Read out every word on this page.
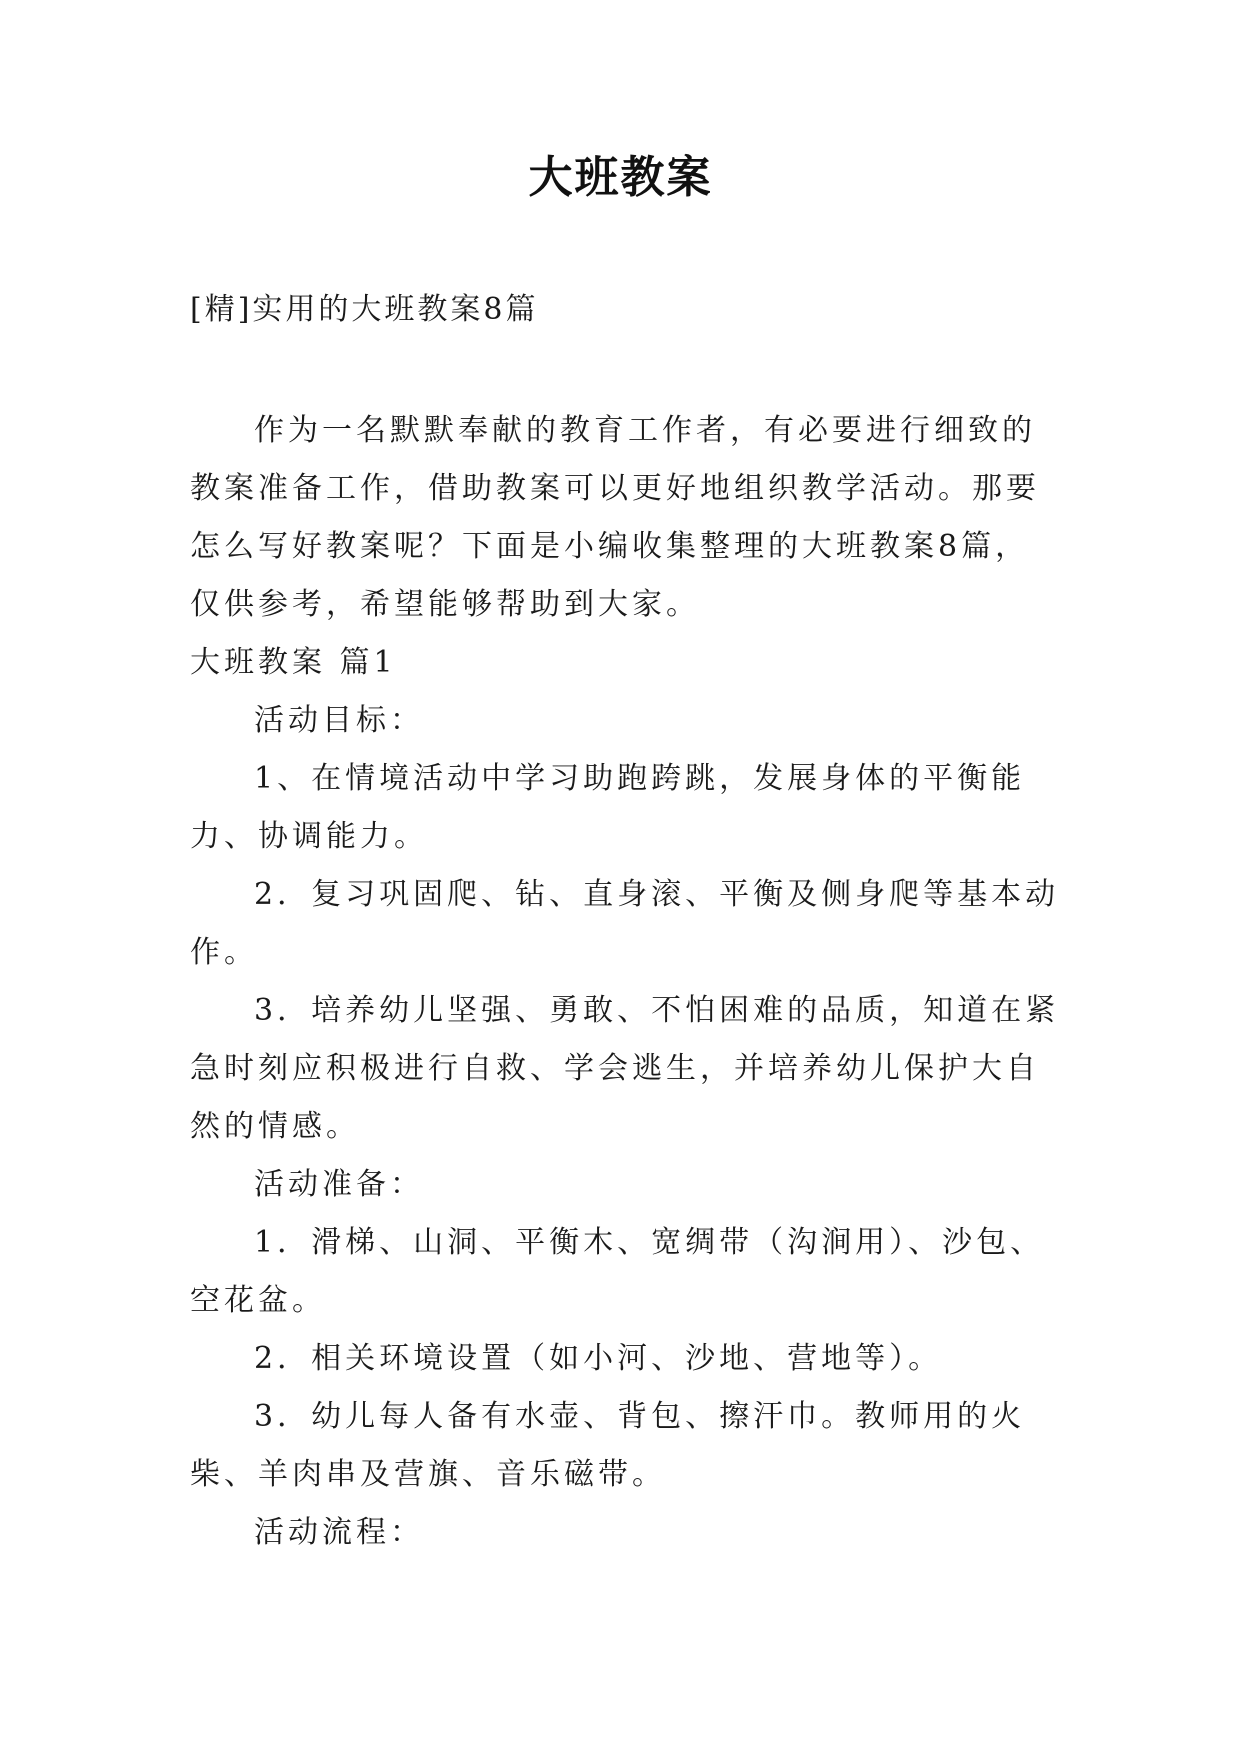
大班教案
[精]实用的大班教案8篇

作为一名默默奉献的教育工作者，有必要进行细致的教案准备工作，借助教案可以更好地组织教学活动。那要怎么写好教案呢？下面是小编收集整理的大班教案8篇，仅供参考，希望能够帮助到大家。

大班教案 篇1

活动目标：

1、在情境活动中学习助跑跨跳，发展身体的平衡能力、协调能力。

2．复习巩固爬、钻、直身滚、平衡及侧身爬等基本动作。

3．培养幼儿坚强、勇敢、不怕困难的品质，知道在紧急时刻应积极进行自救、学会逃生，并培养幼儿保护大自然的情感。

活动准备：

1．滑梯、山洞、平衡木、宽绸带（沟涧用）、沙包、空花盆。

2．相关环境设置（如小河、沙地、营地等）。

3．幼儿每人备有水壶、背包、擦汗巾。教师用的火柴、羊肉串及营旗、音乐磁带。

活动流程：
